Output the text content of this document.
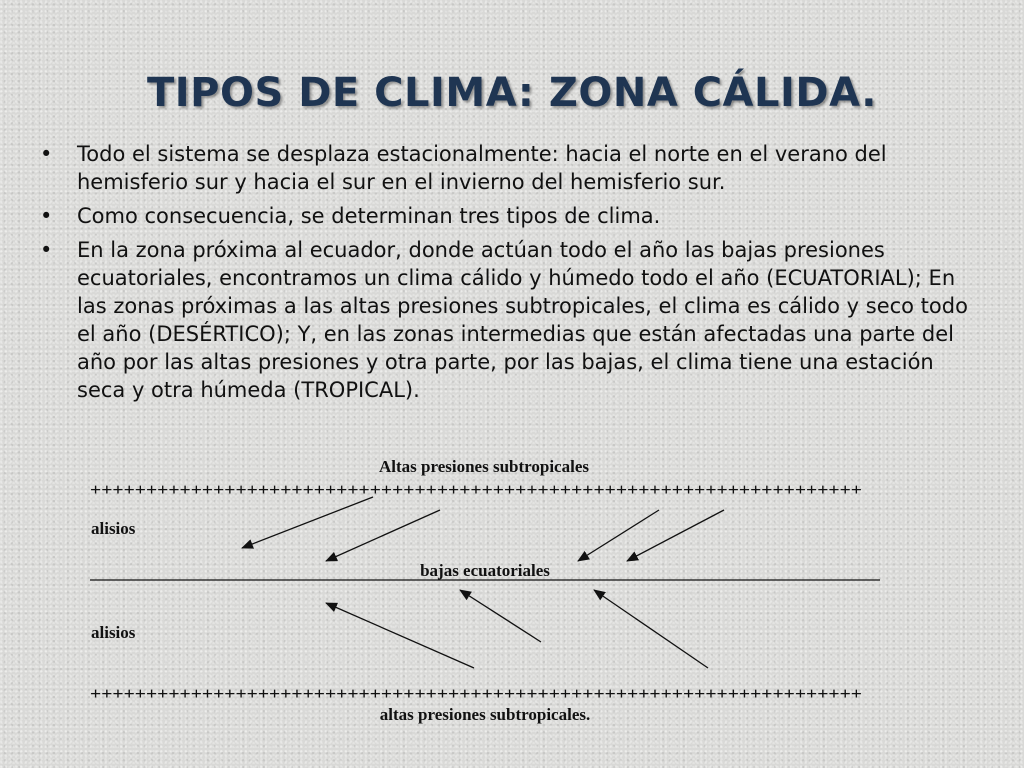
TIPOS DE CLIMA: ZONA CÁLIDA.
• Todo el sistema se desplaza estacionalmente: hacia el norte en el verano del hemisferio sur y hacia el sur en el invierno del hemisferio sur.
• Como consecuencia, se determinan tres tipos de clima.
• En la zona próxima al ecuador, donde actúan todo el año las bajas presiones ecuatoriales, encontramos un clima cálido y húmedo todo el año (ECUATORIAL); En las zonas próximas a las altas presiones subtropicales, el clima es cálido y seco todo el año (DESÉRTICO); Y, en las zonas intermedias que están afectadas una parte del año por las altas presiones y otra parte, por las bajas, el clima tiene una estación seca y otra húmeda (TROPICAL).
Altas presiones subtropicales
+++++++++++++++++++++++++++++++++++++++++++++++++++++++++++++++++++++
alisios
bajas ecuatoriales
alisios
+++++++++++++++++++++++++++++++++++++++++++++++++++++++++++++++++++++
altas presiones subtropicales.
